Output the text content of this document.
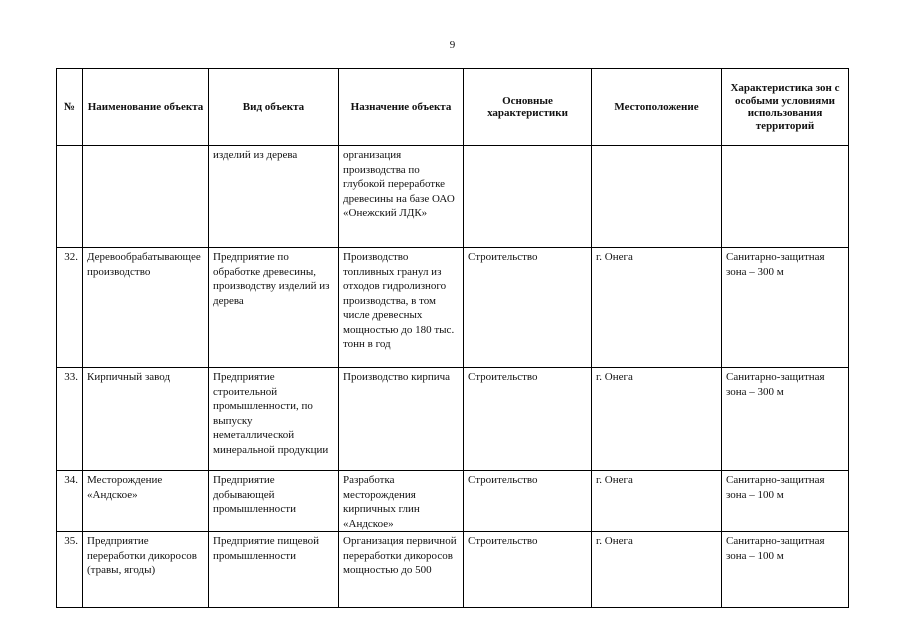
9
№	Наименование объекта	Вид объекта	Назначение объекта	Основные характеристики	Местоположение	Характеристика зон с особыми условиями использования территорий
		изделий из дерева	организация производства по глубокой переработке древесины на базе ОАО «Онежский ЛДК»			
32.	Деревообрабатывающее производство	Предприятие по обработке древесины, производству изделий из дерева	Производство топливных гранул из отходов гидролизного производства, в том числе древесных мощностью до 180 тыс. тонн в год	Строительство	г. Онега	Санитарно-защитная зона – 300 м
33.	Кирпичный завод	Предприятие строительной промышленности, по выпуску неметаллической минеральной продукции	Производство кирпича	Строительство	г. Онега	Санитарно-защитная зона – 300 м
34.	Месторождение «Андское»	Предприятие добывающей промышленности	Разработка месторождения кирпичных глин «Андское»	Строительство	г. Онега	Санитарно-защитная зона – 100 м
35.	Предприятие переработки дикоросов (травы, ягоды)	Предприятие пищевой промышленности	Организация первичной переработки дикоросов мощностью до 500	Строительство	г. Онега	Санитарно-защитная зона – 100 м
